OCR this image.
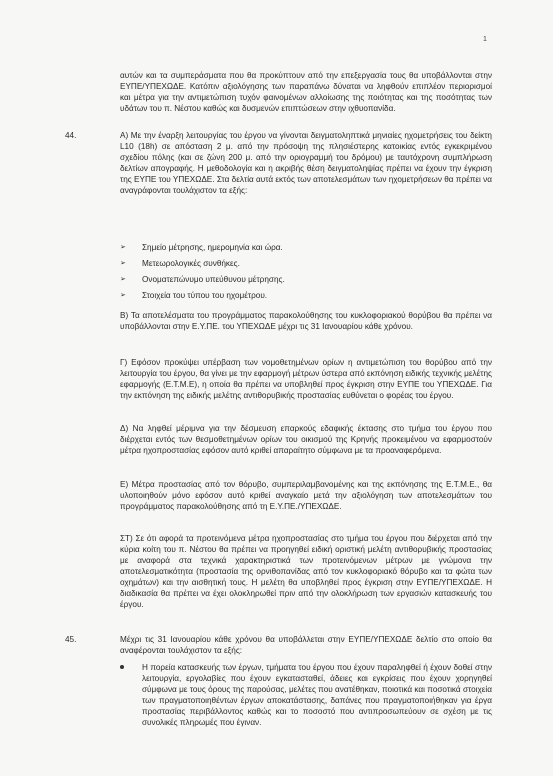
1

αυτών και τα συμπεράσματα που θα προκύπτουν από την επεξεργασία τους θα υποβάλλονται στην ΕΥΠΕ/ΥΠΕΧΩΔΕ. Κατόπιν αξιολόγησης των παραπάνω δύναται να ληφθούν επιπλέον περιορισμοί και μέτρα για την αντιμετώπιση τυχόν φαινομένων αλλοίωσης της ποιότητας και της ποσότητας των υδάτων του π. Νέστου καθώς και δυσμενών επιπτώσεων στην ιχθυοπανίδα.

44.	Α) Με την έναρξη λειτουργίας του έργου να γίνονται δειγματοληπτικά μηνιαίες ηχομετρήσεις του δείκτη L10 (18h) σε απόσταση 2 μ. από την πρόσοψη της πλησιέστερης κατοικίας εντός εγκεκριμένου σχεδίου πόλης (και σε ζώνη 200 μ. από την οριογραμμή του δρόμου) με ταυτόχρονη συμπλήρωση δελτίων απογραφής. Η μεθοδολογία και η ακριβής θέση δειγματοληψίας πρέπει να έχουν την έγκριση της ΕΥΠΕ του ΥΠΕΧΩΔΕ. Στα δελτία αυτά εκτός των αποτελεσμάτων των ηχομετρήσεων θα πρέπει να αναγράφονται τουλάχιστον τα εξής:

➢ Σημείο μέτρησης, ημερομηνία και ώρα.
➢ Μετεωρολογικές συνθήκες.
➢ Ονοματεπώνυμο υπεύθυνου μέτρησης.
➢ Στοιχεία του τύπου του ηχομέτρου.

Β) Τα αποτελέσματα του προγράμματος παρακολούθησης του κυκλοφοριακού θορύβου θα πρέπει να υποβάλλονται στην Ε.Υ.ΠΕ. του ΥΠΕΧΩΔΕ μέχρι τις 31 Ιανουαρίου κάθε χρόνου.

Γ) Εφόσον προκύψει υπέρβαση των νομοθετημένων ορίων η αντιμετώπιση του θορύβου από την λειτουργία του έργου, θα γίνει με την εφαρμογή μέτρων ύστερα από εκπόνηση ειδικής τεχνικής μελέτης εφαρμογής (Ε.Τ.Μ.Ε), η οποία θα πρέπει να υποβληθεί προς έγκριση στην ΕΥΠΕ του ΥΠΕΧΩΔΕ. Για την εκπόνηση της ειδικής μελέτης αντιθορυβικής προστασίας ευθύνεται ο φορέας του έργου.

Δ) Να ληφθεί μέριμνα για την δέσμευση επαρκούς εδαφικής έκτασης στο τμήμα του έργου που διέρχεται εντός των θεσμοθετημένων ορίων του οικισμού της Κρηνής προκειμένου να εφαρμοστούν μέτρα ηχοπροστασίας εφόσον αυτό κριθεί απαραίτητο σύμφωνα με τα προαναφερόμενα.

Ε) Μέτρα προστασίας από τον θόρυβο, συμπεριλαμβανομένης και της εκπόνησης της Ε.Τ.Μ.Ε., θα υλοποιηθούν μόνο εφόσον αυτό κριθεί αναγκαίο μετά την αξιολόγηση των αποτελεσμάτων του προγράμματος παρακολούθησης από τη Ε.Υ.ΠΕ./ΥΠΕΧΩΔΕ.

ΣΤ) Σε ότι αφορά τα προτεινόμενα μέτρα ηχοπροστασίας στο τμήμα του έργου που διέρχεται από την κύρια κοίτη του π. Νέστου θα πρέπει να προηγηθεί ειδική οριστική μελέτη αντιθορυβικής προστασίας με αναφορά στα τεχνικά χαρακτηριστικά των προτεινόμενων μέτρων με γνώμονα την αποτελεσματικότητα (προστασία της ορνιθοπανίδας από τον κυκλοφοριακό θόρυβο και τα φώτα των οχημάτων) και την αισθητική τους. Η μελέτη θα υποβληθεί προς έγκριση στην ΕΥΠΕ/ΥΠΕΧΩΔΕ. Η διαδικασία θα πρέπει να έχει ολοκληρωθεί πριν από την ολοκλήρωση των εργασιών κατασκευής του έργου.

45.	Μέχρι τις 31 Ιανουαρίου κάθε χρόνου θα υποβάλλεται στην ΕΥΠΕ/ΥΠΕΧΩΔΕ δελτίο στο οποίο θα αναφέρονται τουλάχιστον τα εξής:

Η πορεία κατασκευής των έργων, τμήματα του έργου που έχουν παραληφθεί ή έχουν δοθεί στην λειτουργία, εργολαβίες που έχουν εγκατασταθεί, άδειες και εγκρίσεις που έχουν χορηγηθεί σύμφωνα με τους όρους της παρούσας, μελέτες που ανατέθηκαν, ποιοτικά και ποσοτικά στοιχεία των πραγματοποιηθέντων έργων αποκατάστασης, δαπάνες που πραγματοποιήθηκαν για έργα προστασίας περιβάλλοντος καθώς και το ποσοστό που αντιπροσωπεύουν σε σχέση με τις συνολικές πληρωμές που έγιναν.
